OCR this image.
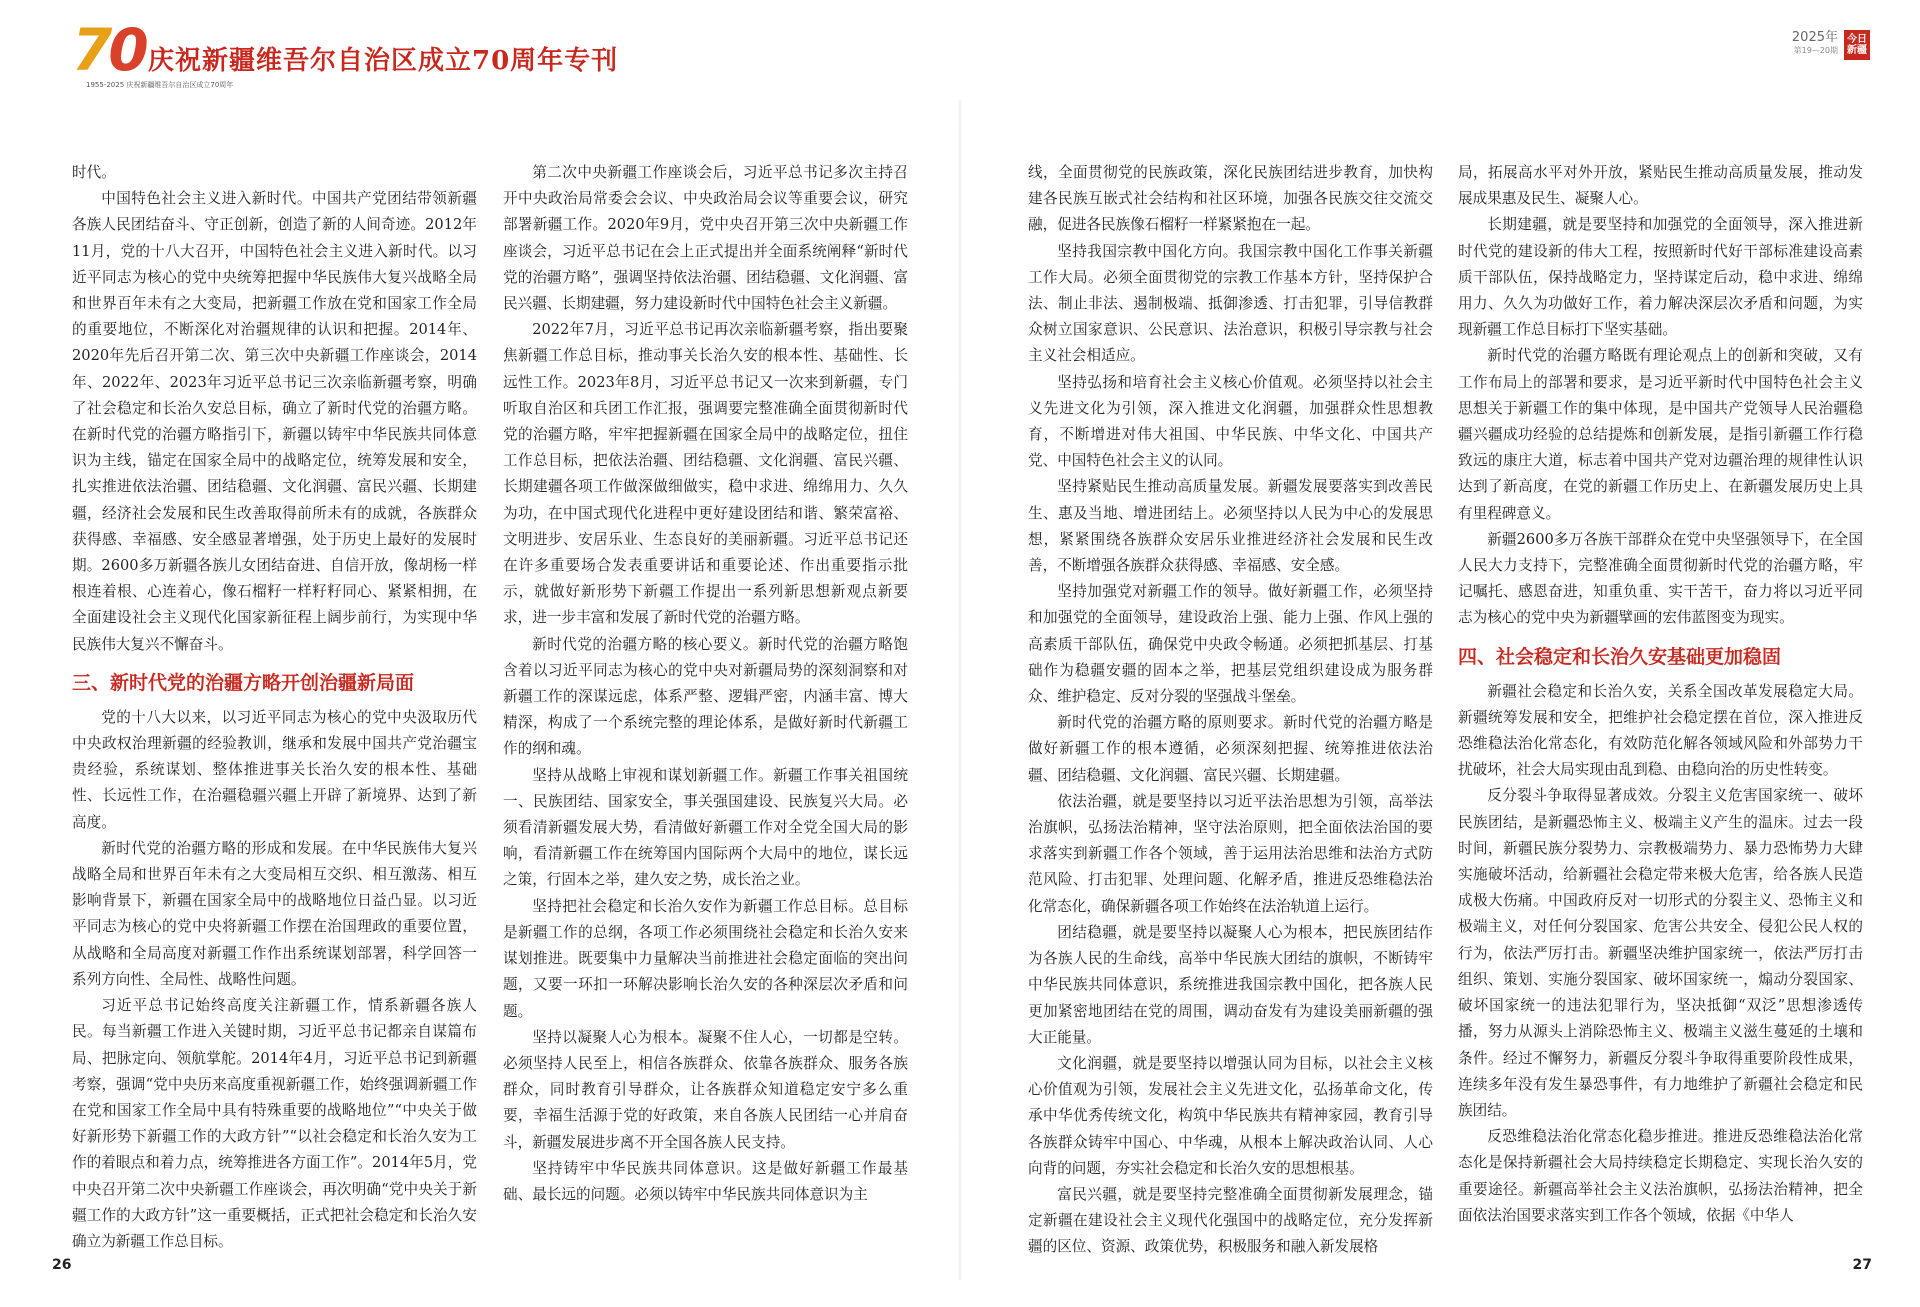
70
1955-2025 庆祝新疆维吾尔自治区成立70周年
庆祝新疆维吾尔自治区成立70周年专刊
2025年
第19—20期
今日新疆

时代。

中国特色社会主义进入新时代。中国共产党团结带领新疆各族人民团结奋斗、守正创新，创造了新的人间奇迹。2012年11月，党的十八大召开，中国特色社会主义进入新时代。以习近平同志为核心的党中央统筹把握中华民族伟大复兴战略全局和世界百年未有之大变局，把新疆工作放在党和国家工作全局的重要地位，不断深化对治疆规律的认识和把握。2014年、2020年先后召开第二次、第三次中央新疆工作座谈会，2014年、2022年、2023年习近平总书记三次亲临新疆考察，明确了社会稳定和长治久安总目标，确立了新时代党的治疆方略。在新时代党的治疆方略指引下，新疆以铸牢中华民族共同体意识为主线，锚定在国家全局中的战略定位，统筹发展和安全，扎实推进依法治疆、团结稳疆、文化润疆、富民兴疆、长期建疆，经济社会发展和民生改善取得前所未有的成就，各族群众获得感、幸福感、安全感显著增强，处于历史上最好的发展时期。2600多万新疆各族儿女团结奋进、自信开放，像胡杨一样根连着根、心连着心，像石榴籽一样籽籽同心、紧紧相拥，在全面建设社会主义现代化国家新征程上阔步前行，为实现中华民族伟大复兴不懈奋斗。

三、新时代党的治疆方略开创治疆新局面

党的十八大以来，以习近平同志为核心的党中央汲取历代中央政权治理新疆的经验教训，继承和发展中国共产党治疆宝贵经验，系统谋划、整体推进事关长治久安的根本性、基础性、长远性工作，在治疆稳疆兴疆上开辟了新境界、达到了新高度。

新时代党的治疆方略的形成和发展。在中华民族伟大复兴战略全局和世界百年未有之大变局相互交织、相互激荡、相互影响背景下，新疆在国家全局中的战略地位日益凸显。以习近平同志为核心的党中央将新疆工作摆在治国理政的重要位置，从战略和全局高度对新疆工作作出系统谋划部署，科学回答一系列方向性、全局性、战略性问题。

习近平总书记始终高度关注新疆工作，情系新疆各族人民。每当新疆工作进入关键时期，习近平总书记都亲自谋篇布局、把脉定向、领航掌舵。2014年4月，习近平总书记到新疆考察，强调“党中央历来高度重视新疆工作，始终强调新疆工作在党和国家工作全局中具有特殊重要的战略地位”“中央关于做好新形势下新疆工作的大政方针”“以社会稳定和长治久安为工作的着眼点和着力点，统筹推进各方面工作”。2014年5月，党中央召开第二次中央新疆工作座谈会，再次明确“党中央关于新疆工作的大政方针”这一重要概括，正式把社会稳定和长治久安确立为新疆工作总目标。

第二次中央新疆工作座谈会后，习近平总书记多次主持召开中央政治局常委会会议、中央政治局会议等重要会议，研究部署新疆工作。2020年9月，党中央召开第三次中央新疆工作座谈会，习近平总书记在会上正式提出并全面系统阐释“新时代党的治疆方略”，强调坚持依法治疆、团结稳疆、文化润疆、富民兴疆、长期建疆，努力建设新时代中国特色社会主义新疆。

2022年7月，习近平总书记再次亲临新疆考察，指出要聚焦新疆工作总目标，推动事关长治久安的根本性、基础性、长远性工作。2023年8月，习近平总书记又一次来到新疆，专门听取自治区和兵团工作汇报，强调要完整准确全面贯彻新时代党的治疆方略，牢牢把握新疆在国家全局中的战略定位，扭住工作总目标，把依法治疆、团结稳疆、文化润疆、富民兴疆、长期建疆各项工作做深做细做实，稳中求进、绵绵用力、久久为功，在中国式现代化进程中更好建设团结和谐、繁荣富裕、文明进步、安居乐业、生态良好的美丽新疆。习近平总书记还在许多重要场合发表重要讲话和重要论述、作出重要指示批示，就做好新形势下新疆工作提出一系列新思想新观点新要求，进一步丰富和发展了新时代党的治疆方略。

新时代党的治疆方略的核心要义。新时代党的治疆方略饱含着以习近平同志为核心的党中央对新疆局势的深刻洞察和对新疆工作的深谋远虑，体系严整、逻辑严密，内涵丰富、博大精深，构成了一个系统完整的理论体系，是做好新时代新疆工作的纲和魂。

坚持从战略上审视和谋划新疆工作。新疆工作事关祖国统一、民族团结、国家安全，事关强国建设、民族复兴大局。必须看清新疆发展大势，看清做好新疆工作对全党全国大局的影响，看清新疆工作在统筹国内国际两个大局中的地位，谋长远之策，行固本之举，建久安之势，成长治之业。

坚持把社会稳定和长治久安作为新疆工作总目标。总目标是新疆工作的总纲，各项工作必须围绕社会稳定和长治久安来谋划推进。既要集中力量解决当前推进社会稳定面临的突出问题，又要一环扣一环解决影响长治久安的各种深层次矛盾和问题。

坚持以凝聚人心为根本。凝聚不住人心，一切都是空转。必须坚持人民至上，相信各族群众、依靠各族群众、服务各族群众，同时教育引导群众，让各族群众知道稳定安宁多么重要，幸福生活源于党的好政策，来自各族人民团结一心并肩奋斗，新疆发展进步离不开全国各族人民支持。

坚持铸牢中华民族共同体意识。这是做好新疆工作最基础、最长远的问题。必须以铸牢中华民族共同体意识为主

线，全面贯彻党的民族政策，深化民族团结进步教育，加快构建各民族互嵌式社会结构和社区环境，加强各民族交往交流交融，促进各民族像石榴籽一样紧紧抱在一起。

坚持我国宗教中国化方向。我国宗教中国化工作事关新疆工作大局。必须全面贯彻党的宗教工作基本方针，坚持保护合法、制止非法、遏制极端、抵御渗透、打击犯罪，引导信教群众树立国家意识、公民意识、法治意识，积极引导宗教与社会主义社会相适应。

坚持弘扬和培育社会主义核心价值观。必须坚持以社会主义先进文化为引领，深入推进文化润疆，加强群众性思想教育，不断增进对伟大祖国、中华民族、中华文化、中国共产党、中国特色社会主义的认同。

坚持紧贴民生推动高质量发展。新疆发展要落实到改善民生、惠及当地、增进团结上。必须坚持以人民为中心的发展思想，紧紧围绕各族群众安居乐业推进经济社会发展和民生改善，不断增强各族群众获得感、幸福感、安全感。

坚持加强党对新疆工作的领导。做好新疆工作，必须坚持和加强党的全面领导，建设政治上强、能力上强、作风上强的高素质干部队伍，确保党中央政令畅通。必须把抓基层、打基础作为稳疆安疆的固本之举，把基层党组织建设成为服务群众、维护稳定、反对分裂的坚强战斗堡垒。

新时代党的治疆方略的原则要求。新时代党的治疆方略是做好新疆工作的根本遵循，必须深刻把握、统筹推进依法治疆、团结稳疆、文化润疆、富民兴疆、长期建疆。

依法治疆，就是要坚持以习近平法治思想为引领，高举法治旗帜，弘扬法治精神，坚守法治原则，把全面依法治国的要求落实到新疆工作各个领域，善于运用法治思维和法治方式防范风险、打击犯罪、处理问题、化解矛盾，推进反恐维稳法治化常态化，确保新疆各项工作始终在法治轨道上运行。

团结稳疆，就是要坚持以凝聚人心为根本，把民族团结作为各族人民的生命线，高举中华民族大团结的旗帜，不断铸牢中华民族共同体意识，系统推进我国宗教中国化，把各族人民更加紧密地团结在党的周围，调动奋发有为建设美丽新疆的强大正能量。

文化润疆，就是要坚持以增强认同为目标，以社会主义核心价值观为引领，发展社会主义先进文化，弘扬革命文化，传承中华优秀传统文化，构筑中华民族共有精神家园，教育引导各族群众铸牢中国心、中华魂，从根本上解决政治认同、人心向背的问题，夯实社会稳定和长治久安的思想根基。

富民兴疆，就是要坚持完整准确全面贯彻新发展理念，锚定新疆在建设社会主义现代化强国中的战略定位，充分发挥新疆的区位、资源、政策优势，积极服务和融入新发展格

局，拓展高水平对外开放，紧贴民生推动高质量发展，推动发展成果惠及民生、凝聚人心。

长期建疆，就是要坚持和加强党的全面领导，深入推进新时代党的建设新的伟大工程，按照新时代好干部标准建设高素质干部队伍，保持战略定力，坚持谋定后动，稳中求进、绵绵用力、久久为功做好工作，着力解决深层次矛盾和问题，为实现新疆工作总目标打下坚实基础。

新时代党的治疆方略既有理论观点上的创新和突破，又有工作布局上的部署和要求，是习近平新时代中国特色社会主义思想关于新疆工作的集中体现，是中国共产党领导人民治疆稳疆兴疆成功经验的总结提炼和创新发展，是指引新疆工作行稳致远的康庄大道，标志着中国共产党对边疆治理的规律性认识达到了新高度，在党的新疆工作历史上、在新疆发展历史上具有里程碑意义。

新疆2600多万各族干部群众在党中央坚强领导下，在全国人民大力支持下，完整准确全面贯彻新时代党的治疆方略，牢记嘱托、感恩奋进，知重负重、实干苦干，奋力将以习近平同志为核心的党中央为新疆擘画的宏伟蓝图变为现实。

四、社会稳定和长治久安基础更加稳固

新疆社会稳定和长治久安，关系全国改革发展稳定大局。新疆统筹发展和安全，把维护社会稳定摆在首位，深入推进反恐维稳法治化常态化，有效防范化解各领域风险和外部势力干扰破坏，社会大局实现由乱到稳、由稳向治的历史性转变。

反分裂斗争取得显著成效。分裂主义危害国家统一、破坏民族团结，是新疆恐怖主义、极端主义产生的温床。过去一段时间，新疆民族分裂势力、宗教极端势力、暴力恐怖势力大肆实施破坏活动，给新疆社会稳定带来极大危害，给各族人民造成极大伤痛。中国政府反对一切形式的分裂主义、恐怖主义和极端主义，对任何分裂国家、危害公共安全、侵犯公民人权的行为，依法严厉打击。新疆坚决维护国家统一，依法严厉打击组织、策划、实施分裂国家、破坏国家统一，煽动分裂国家、破坏国家统一的违法犯罪行为，坚决抵御“双泛”思想渗透传播，努力从源头上消除恐怖主义、极端主义滋生蔓延的土壤和条件。经过不懈努力，新疆反分裂斗争取得重要阶段性成果，连续多年没有发生暴恐事件，有力地维护了新疆社会稳定和民族团结。

反恐维稳法治化常态化稳步推进。推进反恐维稳法治化常态化是保持新疆社会大局持续稳定长期稳定、实现长治久安的重要途径。新疆高举社会主义法治旗帜，弘扬法治精神，把全面依法治国要求落实到工作各个领域，依据《中华人

26	27
